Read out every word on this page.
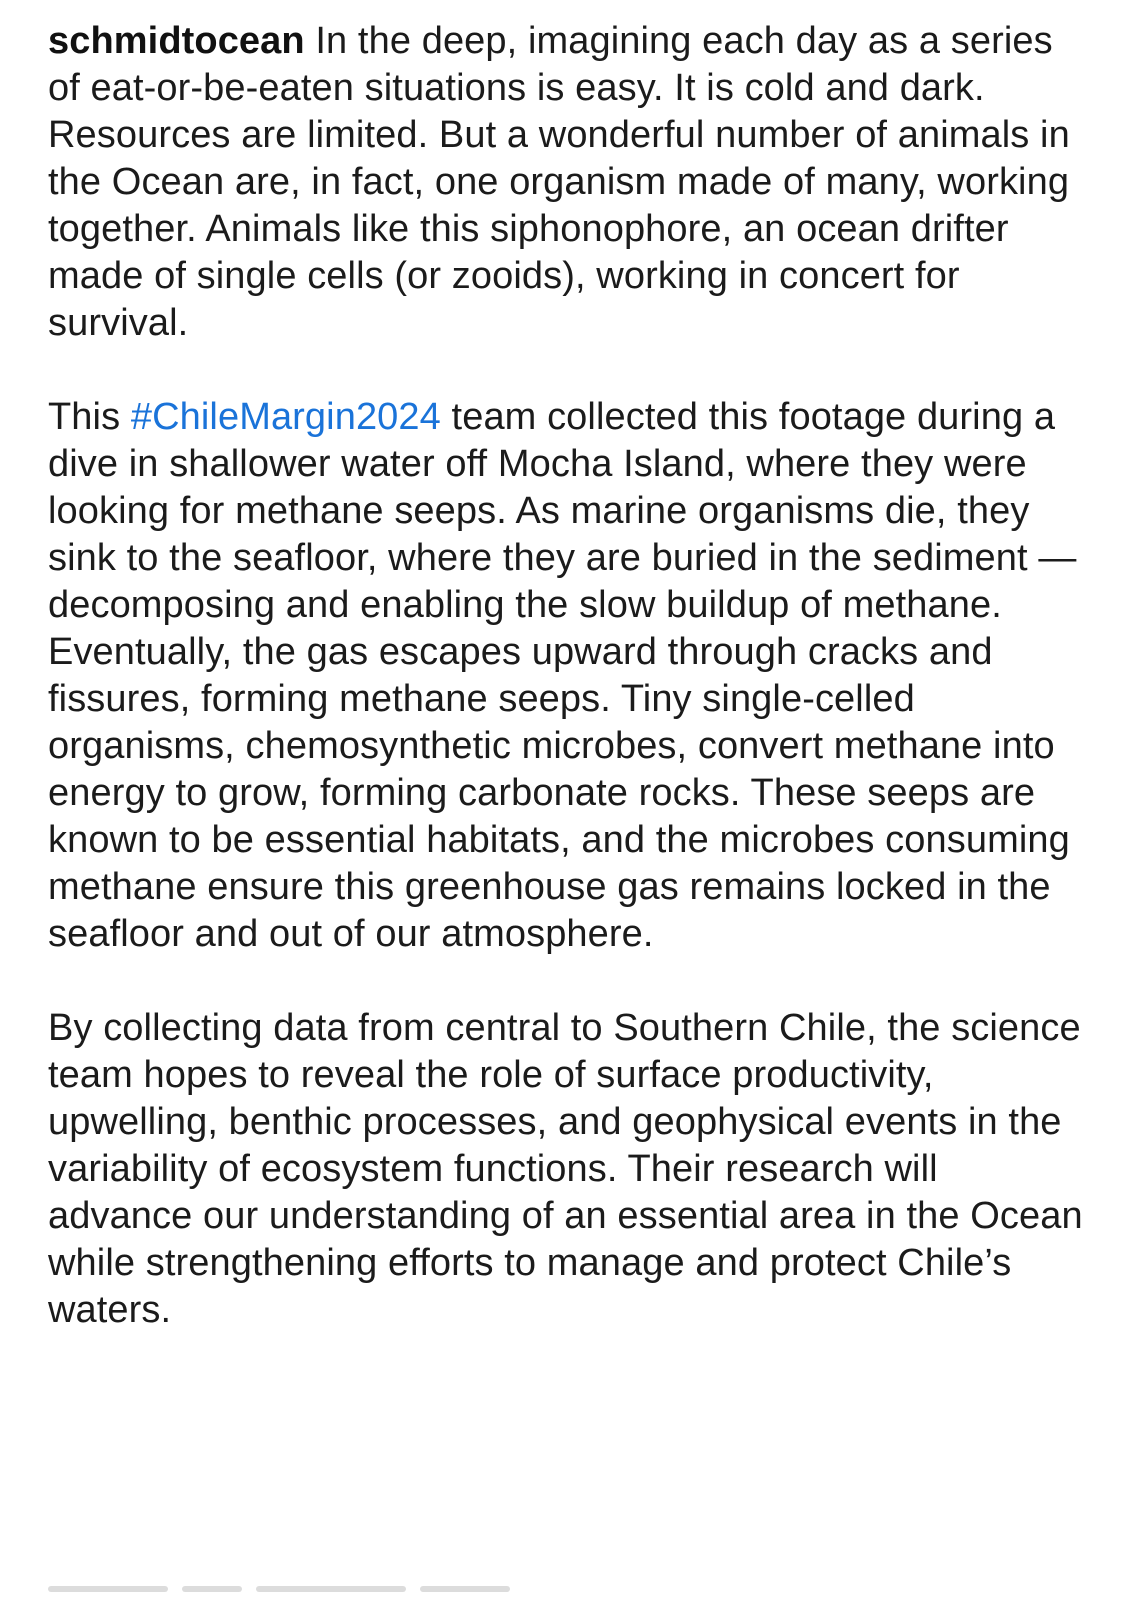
schmidtocean In the deep, imagining each day as a series of eat-or-be-eaten situations is easy. It is cold and dark. Resources are limited. But a wonderful number of animals in the Ocean are, in fact, one organism made of many, working together. Animals like this siphonophore, an ocean drifter made of single cells (or zooids), working in concert for survival.

This #ChileMargin2024 team collected this footage during a dive in shallower water off Mocha Island, where they were looking for methane seeps. As marine organisms die, they sink to the seafloor, where they are buried in the sediment — decomposing and enabling the slow buildup of methane. Eventually, the gas escapes upward through cracks and fissures, forming methane seeps. Tiny single-celled organisms, chemosynthetic microbes, convert methane into energy to grow, forming carbonate rocks. These seeps are known to be essential habitats, and the microbes consuming methane ensure this greenhouse gas remains locked in the seafloor and out of our atmosphere.

By collecting data from central to Southern Chile, the science team hopes to reveal the role of surface productivity, upwelling, benthic processes, and geophysical events in the variability of ecosystem functions. Their research will advance our understanding of an essential area in the Ocean while strengthening efforts to manage and protect Chile’s waters.
